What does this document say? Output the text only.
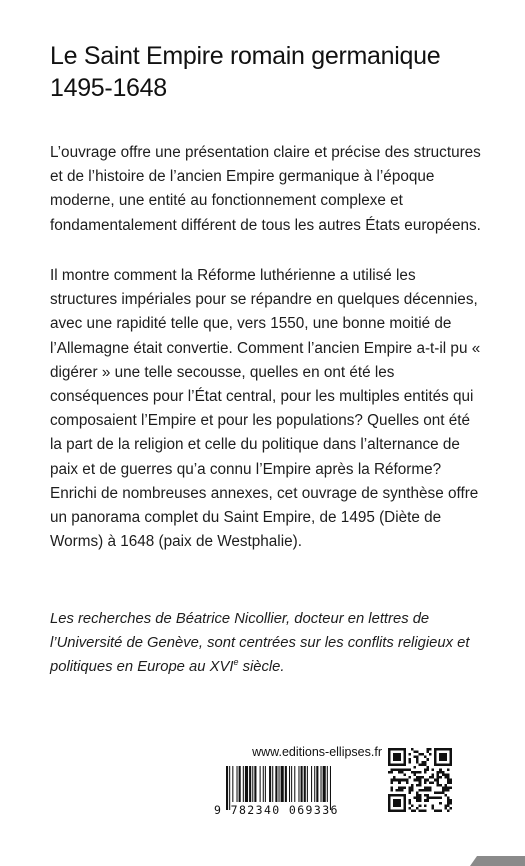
Le Saint Empire romain germanique
1495-1648

L’ouvrage offre une présentation claire et précise des structures et de l’histoire de l’ancien Empire germanique à l’époque moderne, une entité au fonctionnement complexe et fondamentalement différent de tous les autres États européens.

Il montre comment la Réforme luthérienne a utilisé les structures impériales pour se répandre en quelques décennies, avec une rapidité telle que, vers 1550, une bonne moitié de l’Allemagne était convertie. Comment l’ancien Empire a-t-il pu « digérer » une telle secousse, quelles en ont été les conséquences pour l’État central, pour les multiples entités qui composaient l’Empire et pour les populations? Quelles ont été la part de la religion et celle du politique dans l’alternance de paix et de guerres qu’a connu l’Empire après la Réforme? Enrichi de nombreuses annexes, cet ouvrage de synthèse offre un panorama complet du Saint Empire, de 1495 (Diète de Worms) à 1648 (paix de Westphalie).

Les recherches de Béatrice Nicollier, docteur en lettres de l’Université de Genève, sont centrées sur les conflits religieux et politiques en Europe au XVIe siècle.

www.editions-ellipses.fr
9 782340 069336
